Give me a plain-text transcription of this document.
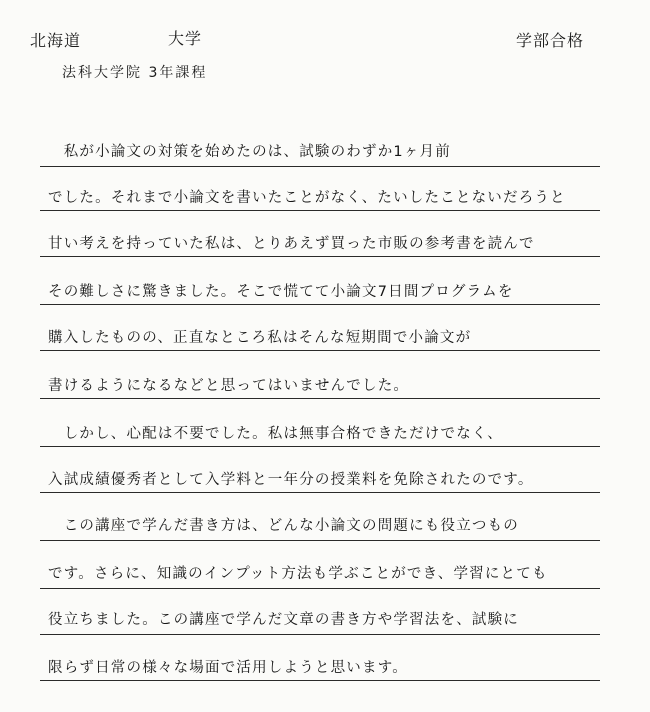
北海道	大学	学部合格
法科大学院 3年課程
　私が小論文の対策を始めたのは、試験のわずか1ヶ月前
でした。それまで小論文を書いたことがなく、たいしたことないだろうと
甘い考えを持っていた私は、とりあえず買った市販の参考書を読んで
その難しさに驚きました。そこで慌てて小論文7日間プログラムを
購入したものの、正直なところ私はそんな短期間で小論文が
書けるようになるなどと思ってはいませんでした。
　しかし、心配は不要でした。私は無事合格できただけでなく、
入試成績優秀者として入学料と一年分の授業料を免除されたのです。
　この講座で学んだ書き方は、どんな小論文の問題にも役立つもの
です。さらに、知識のインプット方法も学ぶことができ、学習にとても
役立ちました。この講座で学んだ文章の書き方や学習法を、試験に
限らず日常の様々な場面で活用しようと思います。
